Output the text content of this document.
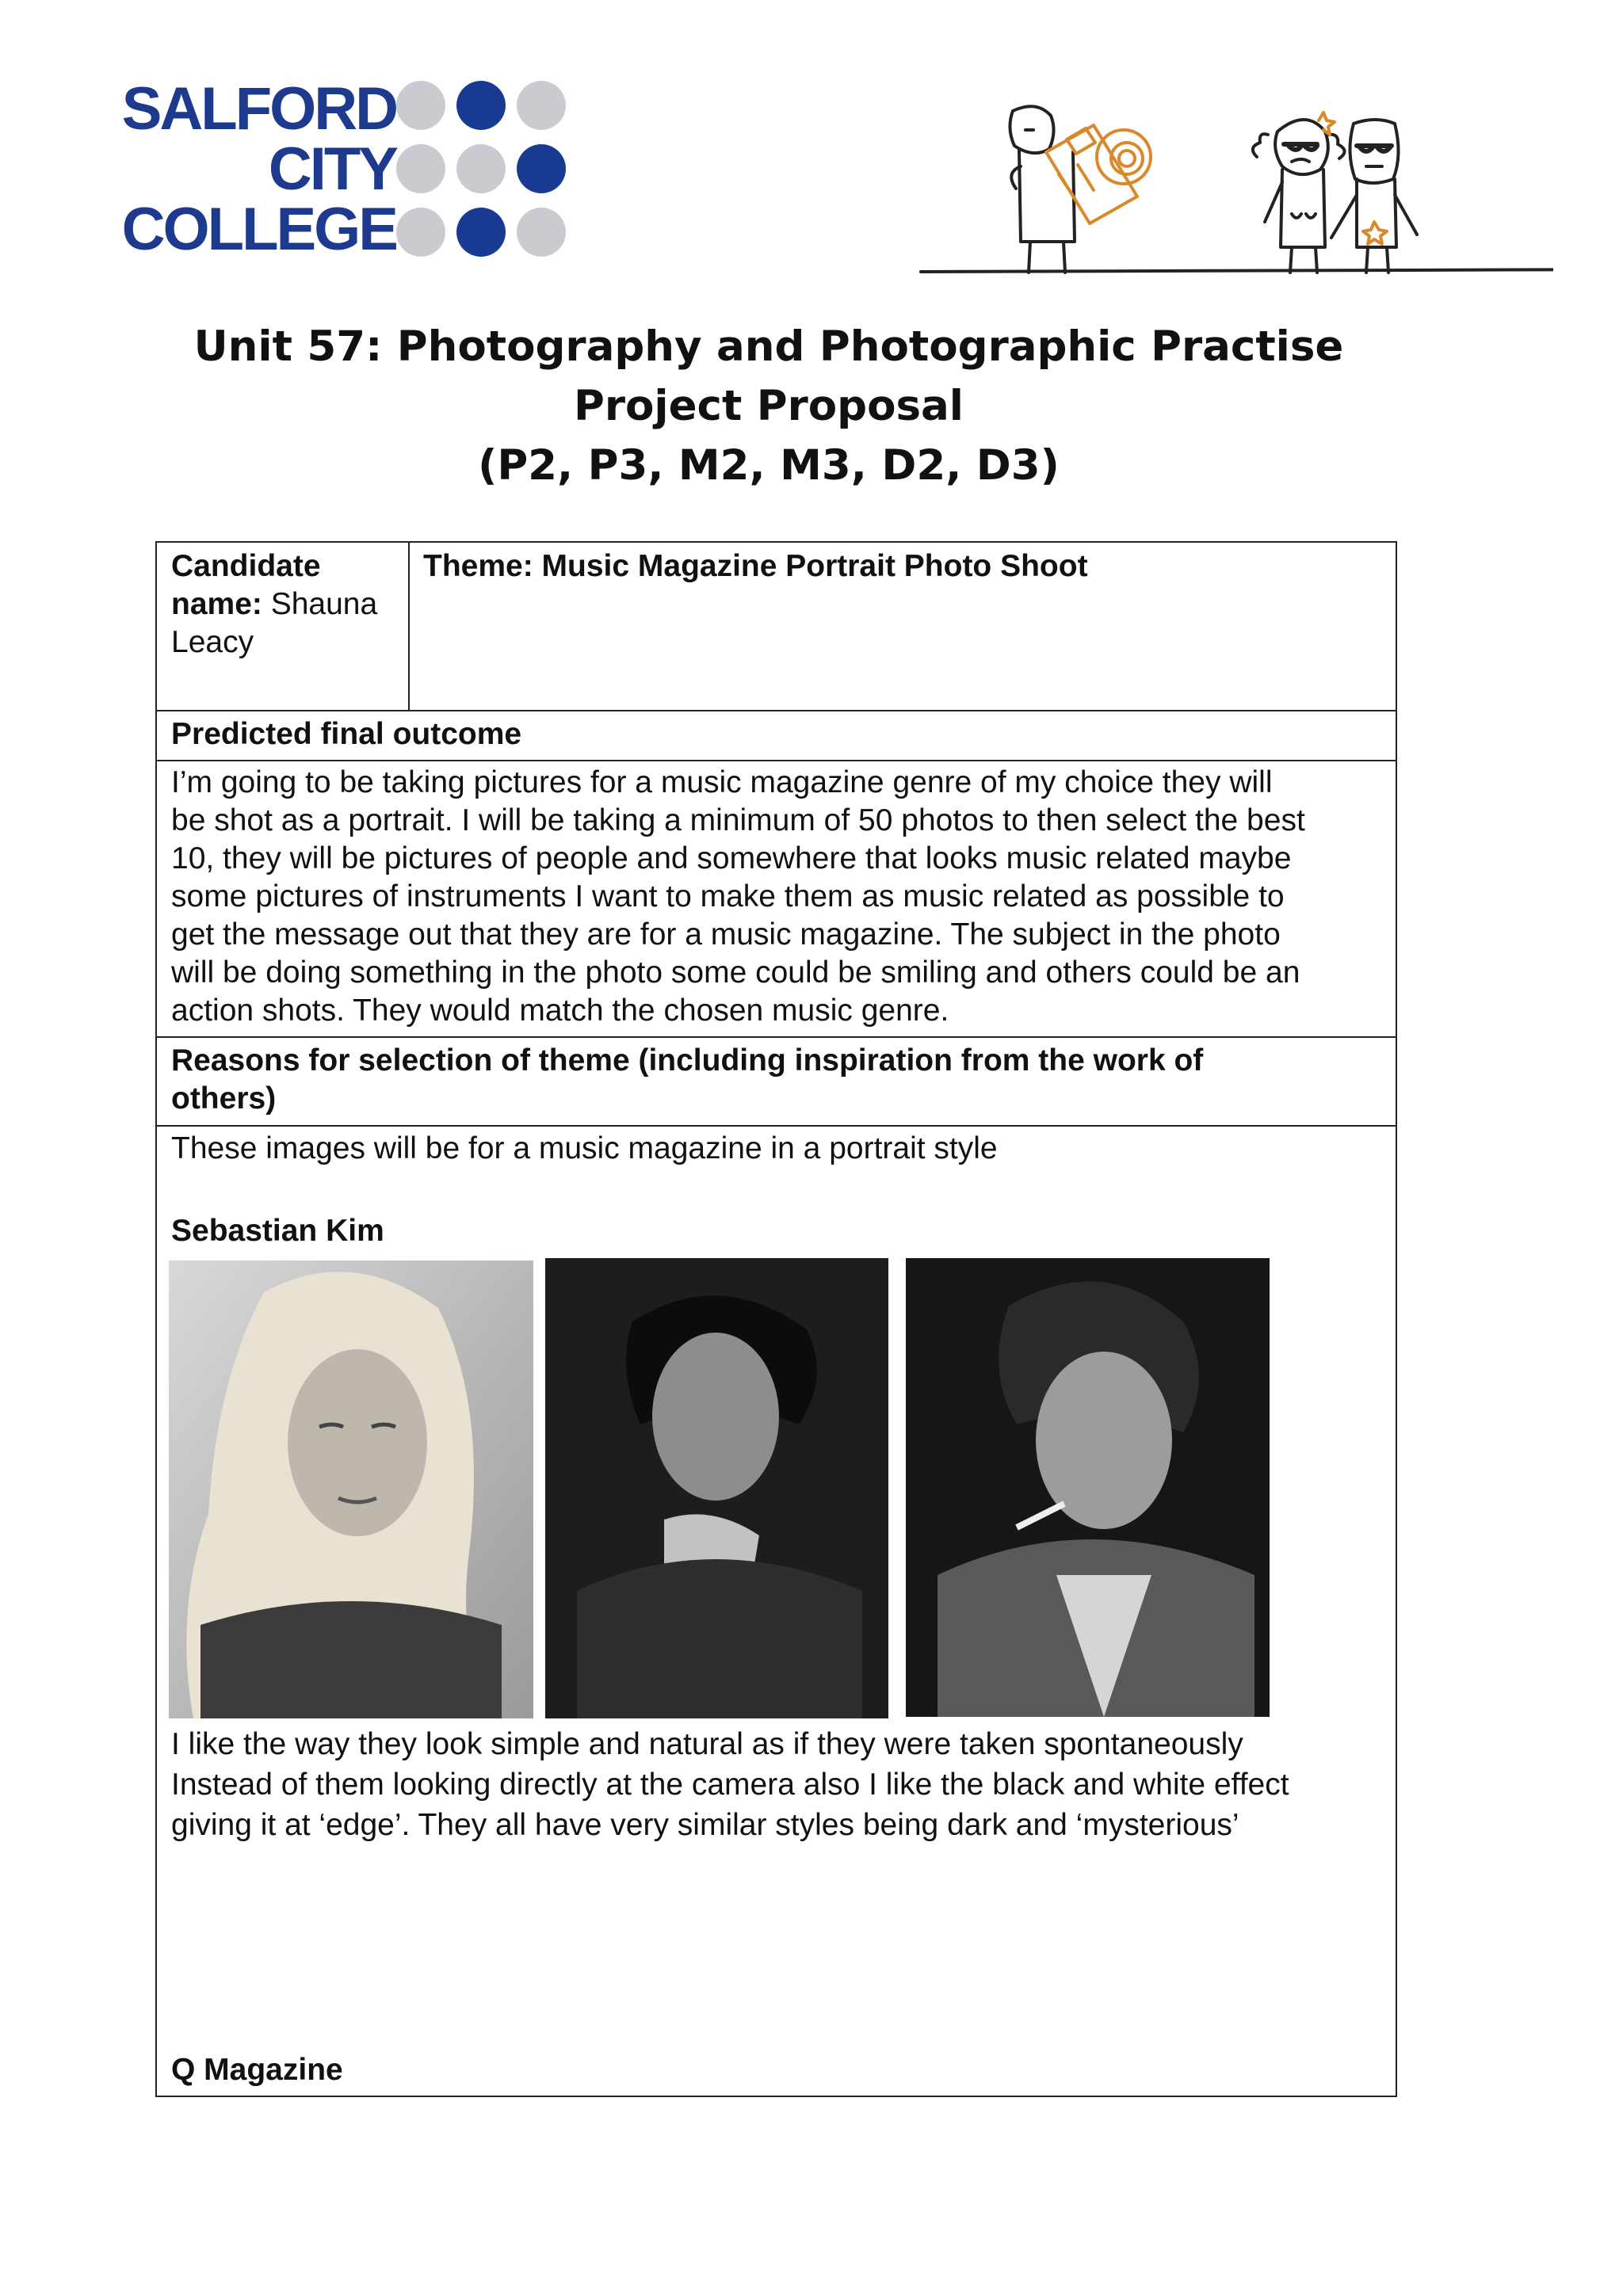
SALFORD
CITY
COLLEGE
Unit 57: Photography and Photographic Practise
Project Proposal
(P2, P3, M2, M3, D2, D3)
Candidate
name: Shauna
Leacy
Theme: Music Magazine Portrait Photo Shoot
Predicted final outcome
I’m going to be taking pictures for a music magazine genre of my choice they will
be shot as a portrait. I will be taking a minimum of 50 photos to then select the best
10, they will be pictures of people and somewhere that looks music related maybe
some pictures of instruments I want to make them as music related as possible to
get the message out that they are for a music magazine. The subject in the photo
will be doing something in the photo some could be smiling and others could be an
action shots. They would match the chosen music genre.
Reasons for selection of theme (including inspiration from the work of
others)
These images will be for a music magazine in a portrait style
Sebastian Kim
I like the way they look simple and natural as if they were taken spontaneously
Instead of them looking directly at the camera also I like the black and white effect
giving it at ‘edge’. They all have very similar styles being dark and ‘mysterious’
Q Magazine
